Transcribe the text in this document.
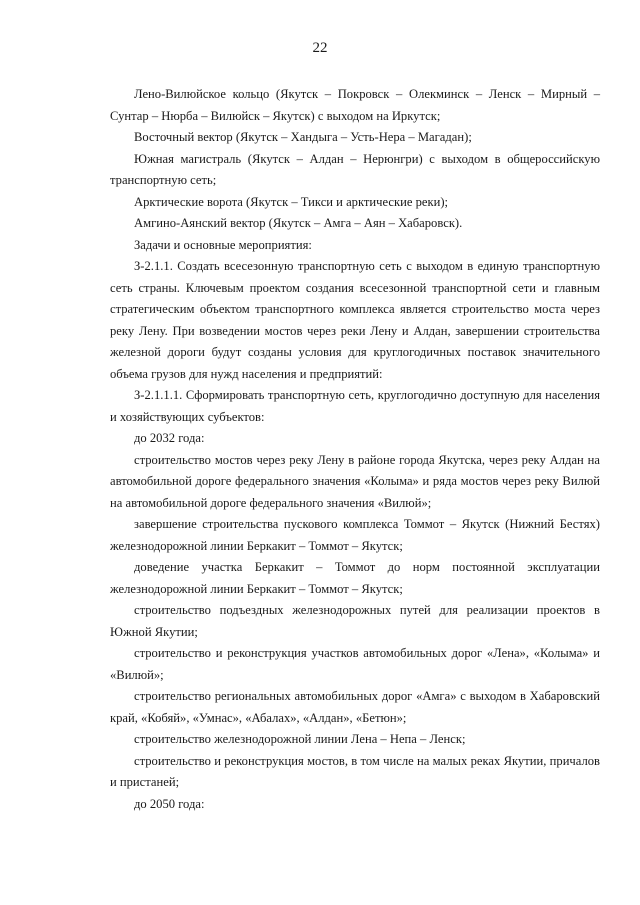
22

Лено-Вилюйское кольцо (Якутск – Покровск – Олекминск – Ленск – Мирный – Сунтар – Нюрба – Вилюйск – Якутск) с выходом на Иркутск;

Восточный вектор (Якутск – Хандыга – Усть-Нера – Магадан);

Южная магистраль (Якутск – Алдан – Нерюнгри) с выходом в общероссийскую транспортную сеть;

Арктические ворота (Якутск – Тикси и арктические реки);

Амгино-Аянский вектор (Якутск – Амга – Аян – Хабаровск).

Задачи и основные мероприятия:

З-2.1.1. Создать всесезонную транспортную сеть с выходом в единую транспортную сеть страны. Ключевым проектом создания всесезонной транспортной сети и главным стратегическим объектом транспортного комплекса является строительство моста через реку Лену. При возведении мостов через реки Лену и Алдан, завершении строительства железной дороги будут созданы условия для круглогодичных поставок значительного объема грузов для нужд населения и предприятий:

З-2.1.1.1. Сформировать транспортную сеть, круглогодично доступную для населения и хозяйствующих субъектов:

до 2032 года:

строительство мостов через реку Лену в районе города Якутска, через реку Алдан на автомобильной дороге федерального значения «Колыма» и ряда мостов через реку Вилюй на автомобильной дороге федерального значения «Вилюй»;

завершение строительства пускового комплекса Томмот – Якутск (Нижний Бестях) железнодорожной линии Беркакит – Томмот – Якутск;

доведение участка Беркакит – Томмот до норм постоянной эксплуатации железнодорожной линии Беркакит – Томмот – Якутск;

строительство подъездных железнодорожных путей для реализации проектов в Южной Якутии;

строительство и реконструкция участков автомобильных дорог «Лена», «Колыма» и «Вилюй»;

строительство региональных автомобильных дорог «Амга» с выходом в Хабаровский край, «Кобяй», «Умнас», «Абалах», «Алдан», «Бетюн»;

строительство железнодорожной линии Лена – Непа – Ленск;

строительство и реконструкция мостов, в том числе на малых реках Якутии, причалов и пристаней;

до 2050 года:
